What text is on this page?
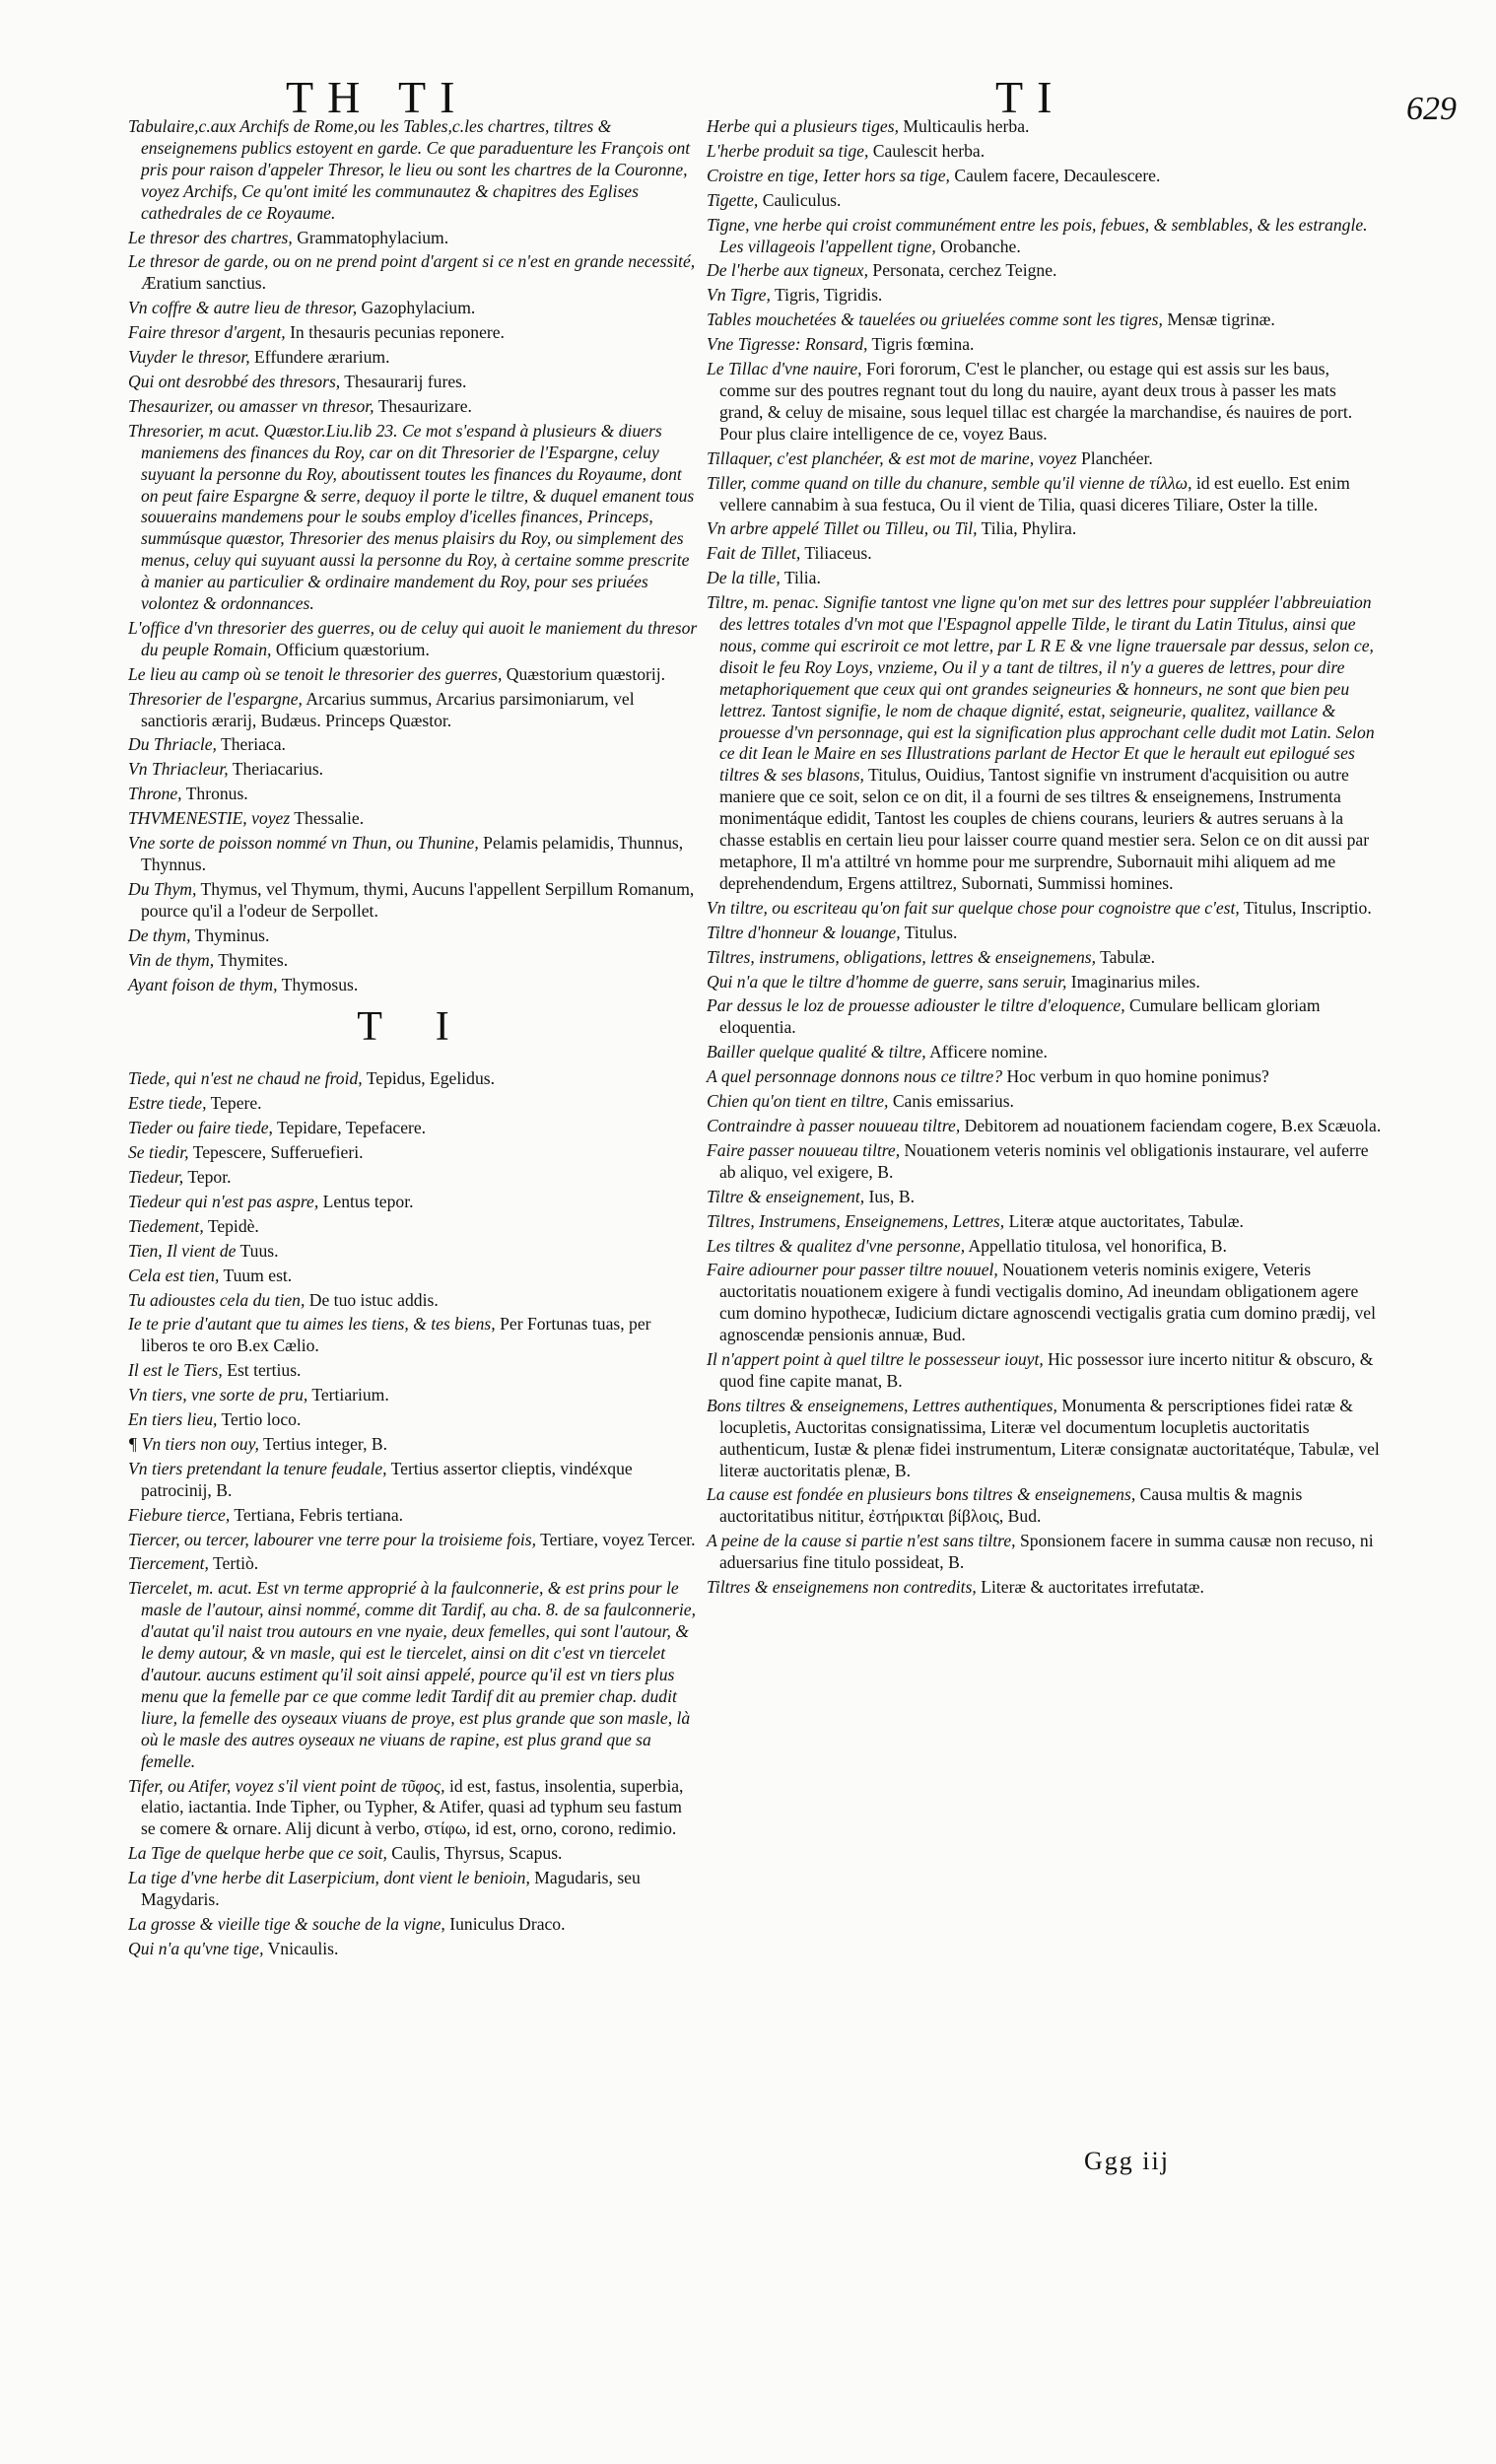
TH TI	TI	629
Tabulaire,c.aux Archifs de Rome,ou les Tables,c.les chartres, tiltres & enseignemens publics estoyent en garde. Ce que paraduenture les François ont pris pour raison d'appeler Thresor, le lieu ou sont les chartres de la Couronne, voyez Archifs, Ce qu'ont imité les communautez & chapitres des Eglises cathedrales de ce Royaume.
Le thresor des chartres, Grammatophylacium.
Le thresor de garde, ou on ne prend point d'argent si ce n'est en grande necessité, Æratium sanctius.
Vn coffre & autre lieu de thresor, Gazophylacium.
Faire thresor d'argent, In thesauris pecunias reponere.
Vuyder le thresor, Effundere ærarium.
Qui ont desrobbé des thresors, Thesaurarij fures.
Thesaurizer, ou amasser vn thresor, Thesaurizare.
Thresorier, m acut. Quæstor.Liu.lib 23. Ce mot s'espand à plusieurs & diuers maniemens des finances du Roy, car on dit Thresorier de l'Espargne, celuy suyuant la personne du Roy, aboutissent toutes les finances du Royaume, dont on peut faire Espargne & serre, dequoy il porte le tiltre, & duquel emanent tous souuerains mandemens pour le soubs employ d'icelles finances, Princeps, summúsque quæstor, Thresorier des menus plaisirs du Roy, ou simplement des menus, celuy qui suyuant aussi la personne du Roy, à certaine somme prescrite à manier au particulier & ordinaire mandement du Roy, pour ses priuées volontez & ordonnances.
L'office d'vn thresorier des guerres, ou de celuy qui auoit le maniement du thresor du peuple Romain, Officium quæstorium.
Le lieu au camp où se tenoit le thresorier des guerres, Quæstorium quæstorij.
Thresorier de l'espargne, Arcarius summus, Arcarius parsimoniarum, vel sanctioris ærarij, Budæus. Princeps Quæstor.
Du Thriacle, Theriaca.
Vn Thriacleur, Theriacarius.
Throne, Thronus.
THVMENESTIE, voyez Thessalie.
Vne sorte de poisson nommé vn Thun, ou Thunine, Pelamis pelamidis, Thunnus, Thynnus.
Du Thym, Thymus, vel Thymum, thymi, Aucuns l'appellent Serpillum Romanum, pource qu'il a l'odeur de Serpollet.
De thym, Thyminus.
Vin de thym, Thymites.
Ayant foison de thym, Thymosus.
T I
Tiede, qui n'est ne chaud ne froid, Tepidus, Egelidus.
Estre tiede, Tepere.
Tieder ou faire tiede, Tepidare, Tepefacere.
Se tiedir, Tepescere, Sufferuefieri.
Tiedeur, Tepor.
Tiedeur qui n'est pas aspre, Lentus tepor.
Tiedement, Tepidè.
Tien, Il vient de Tuus.
Cela est tien, Tuum est.
Tu adioustes cela du tien, De tuo istuc addis.
Ie te prie d'autant que tu aimes les tiens, & tes biens, Per Fortunas tuas, per liberos te oro B.ex Cælio.
Il est le Tiers, Est tertius.
Vn tiers, vne sorte de pru, Tertiarium.
En tiers lieu, Tertio loco.
¶ Vn tiers non ouy, Tertius integer, B.
Vn tiers pretendant la tenure feudale, Tertius assertor clieptis, vindéxque patrocinij, B.
Fiebure tierce, Tertiana, Febris tertiana.
Tiercer, ou tercer, labourer vne terre pour la troisieme fois, Tertiare, voyez Tercer.
Tiercement, Tertiò.
Tiercelet, m. acut. Est vn terme approprié à la faulconnerie, & est prins pour le masle de l'autour, ainsi nommé, comme dit Tardif, au cha. 8. de sa faulconnerie, d'autat qu'il naist trou autours en vne nyaie, deux femelles, qui sont l'autour, & le demy autour, & vn masle, qui est le tiercelet, ainsi on dit c'est vn tiercelet d'autour. aucuns estiment qu'il soit ainsi appelé, pource qu'il est vn tiers plus menu que la femelle par ce que comme ledit Tardif dit au premier chap. dudit liure, la femelle des oyseaux viuans de proye, est plus grande que son masle, là où le masle des autres oyseaux ne viuans de rapine, est plus grand que sa femelle.
Tifer, ou Atifer, voyez s'il vient point de τῦφος, id est, fastus, insolentia, superbia, elatio, iactantia. Inde Tipher, ou Typher, & Atifer, quasi ad typhum seu fastum se comere & ornare. Alij dicunt à verbo, στίφω, id est, orno, corono, redimio.
La Tige de quelque herbe que ce soit, Caulis, Thyrsus, Scapus.
La tige d'vne herbe dit Laserpicium, dont vient le benioin, Magudaris, seu Magydaris.
La grosse & vieille tige & souche de la vigne, Iuniculus Draco.
Qui n'a qu'vne tige, Vnicaulis.
Herbe qui a plusieurs tiges, Multicaulis herba.
L'herbe produit sa tige, Caulescit herba.
Croistre en tige, Ietter hors sa tige, Caulem facere, Decaulescere.
Tigette, Cauliculus.
Tigne, vne herbe qui croist communément entre les pois, febues, & semblables, & les estrangle. Les villageois l'appellent tigne, Orobanche.
De l'herbe aux tigneux, Personata, cerchez Teigne.
Vn Tigre, Tigris, Tigridis.
Tables mouchetées & tauelées ou griuelées comme sont les tigres, Mensæ tigrinæ.
Vne Tigresse: Ronsard, Tigris fœmina.
Le Tillac d'vne nauire, Fori fororum, C'est le plancher, ou estage qui est assis sur les baus, comme sur des poutres regnant tout du long du nauire, ayant deux trous à passer les mats grand, & celuy de misaine, sous lequel tillac est chargée la marchandise, és nauires de port. Pour plus claire intelligence de ce, voyez Baus.
Tillaquer, c'est planchéer, & est mot de marine, voyez Planchéer.
Tiller, comme quand on tille du chanure, semble qu'il vienne de τίλλω, id est euello. Est enim vellere cannabim à sua festuca, Ou il vient de Tilia, quasi diceres Tiliare, Oster la tille.
Vn arbre appelé Tillet ou Tilleu, ou Til, Tilia, Phylira.
Fait de Tillet, Tiliaceus.
De la tille, Tilia.
Tiltre, m. penac. Signifie tantost vne ligne qu'on met sur des lettres pour suppléer l'abbreuiation des lettres totales d'vn mot que l'Espagnol appelle Tilde, le tirant du Latin Titulus, ainsi que nous, comme qui escriroit ce mot lettre, par L R E & vne ligne trauersale par dessus, selon ce, disoit le feu Roy Loys, vnzieme, Ou il y a tant de tiltres, il n'y a gueres de lettres, pour dire metaphoriquement que ceux qui ont grandes seigneuries & honneurs, ne sont que bien peu lettrez. Tantost signifie, le nom de chaque dignité, estat, seigneurie, qualitez, vaillance & prouesse d'vn personnage, qui est la signification plus approchant celle dudit mot Latin. Selon ce dit Iean le Maire en ses Illustrations parlant de Hector Et que le herault eut epilogué ses tiltres & ses blasons, Titulus, Ouidius, Tantost signifie vn instrument d'acquisition ou autre maniere que ce soit, selon ce on dit, il a fourni de ses tiltres & enseignemens, Instrumenta monimentáque edidit, Tantost les couples de chiens courans, leuriers & autres seruans à la chasse establis en certain lieu pour laisser courre quand mestier sera. Selon ce on dit aussi par metaphore, Il m'a attiltré vn homme pour me surprendre, Subornauit mihi aliquem ad me deprehendendum, Ergens attiltrez, Subornati, Summissi homines.
Vn tiltre, ou escriteau qu'on fait sur quelque chose pour cognoistre que c'est, Titulus, Inscriptio.
Tiltre d'honneur & louange, Titulus.
Tiltres, instrumens, obligations, lettres & enseignemens, Tabulæ.
Qui n'a que le tiltre d'homme de guerre, sans seruir, Imaginarius miles.
Par dessus le loz de prouesse adiouster le tiltre d'eloquence, Cumulare bellicam gloriam eloquentia.
Bailler quelque qualité & tiltre, Afficere nomine.
A quel personnage donnons nous ce tiltre? Hoc verbum in quo homine ponimus?
Chien qu'on tient en tiltre, Canis emissarius.
Contraindre à passer nouueau tiltre, Debitorem ad nouationem faciendam cogere, B.ex Scæuola.
Faire passer nouueau tiltre, Nouationem veteris nominis vel obligationis instaurare, vel auferre ab aliquo, vel exigere, B.
Tiltre & enseignement, Ius, B.
Tiltres, Instrumens, Enseignemens, Lettres, Literæ atque auctoritates, Tabulæ.
Les tiltres & qualitez d'vne personne, Appellatio titulosa, vel honorifica, B.
Faire adiourner pour passer tiltre nouuel, Nouationem veteris nominis exigere, Veteris auctoritatis nouationem exigere à fundi vectigalis domino, Ad ineundam obligationem agere cum domino hypothecæ, Iudicium dictare agnoscendi vectigalis gratia cum domino prædij, vel agnoscendæ pensionis annuæ, Bud.
Il n'appert point à quel tiltre le possesseur iouyt, Hic possessor iure incerto nititur & obscuro, & quod fine capite manat, B.
Bons tiltres & enseignemens, Lettres authentiques, Monumenta & perscriptiones fidei ratæ & locupletis, Auctoritas consignatissima, Literæ vel documentum locupletis auctoritatis authenticum, Iustæ & plenæ fidei instrumentum, Literæ consignatæ auctoritatéque, Tabulæ, vel literæ auctoritatis plenæ, B.
La cause est fondée en plusieurs bons tiltres & enseignemens, Causa multis & magnis auctoritatibus nititur, ἐστήρικται βίβλοις, Bud.
A peine de la cause si partie n'est sans tiltre, Sponsionem facere in summa causæ non recuso, ni aduersarius fine titulo possideat, B.
Tiltres & enseignemens non contredits, Literæ & auctoritates irrefutatæ.
Ggg iij
